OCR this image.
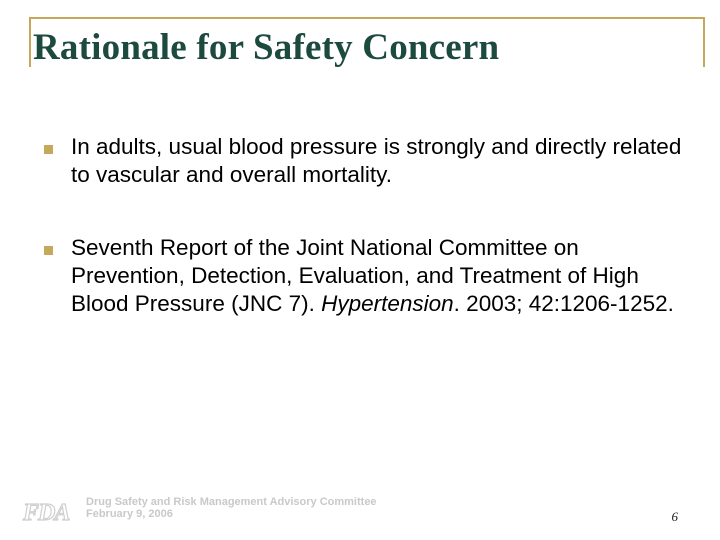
Rationale for Safety Concern
In adults, usual blood pressure is strongly and directly related to vascular and overall mortality.
Seventh Report of the Joint National Committee on Prevention, Detection, Evaluation, and Treatment of High Blood Pressure (JNC 7). Hypertension. 2003; 42:1206-1252.
FDA Drug Safety and Risk Management Advisory Committee
February 9, 2006	6
